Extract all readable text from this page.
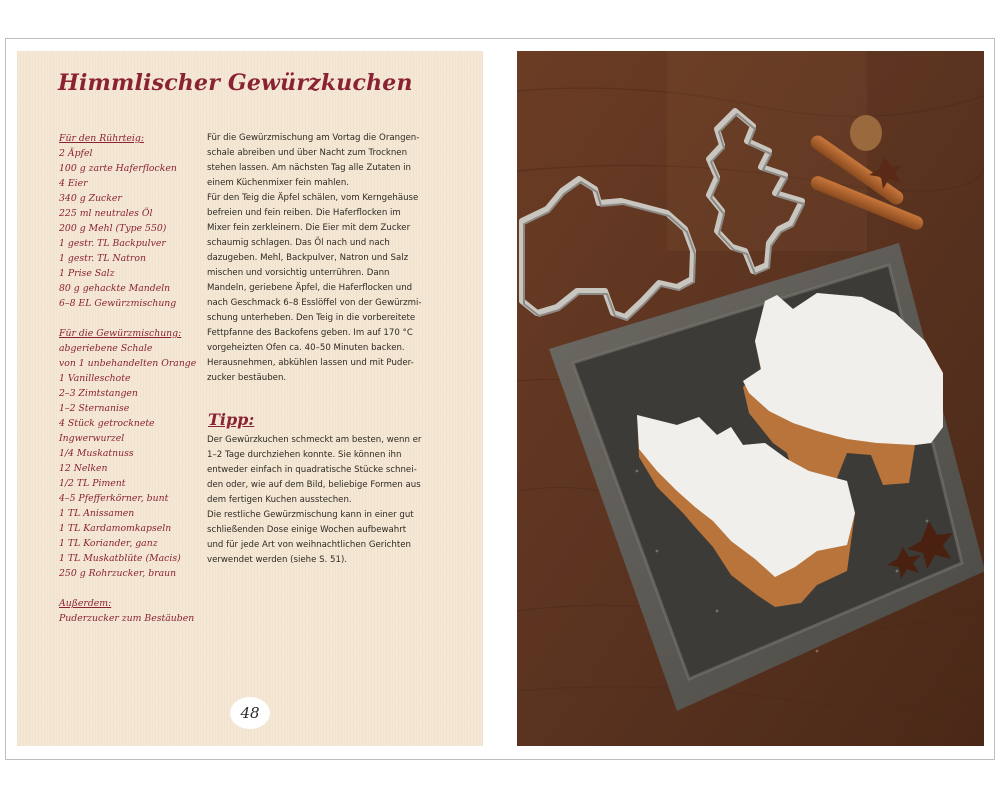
Himmlischer Gewürzkuchen
Für den Rührteig:
2 Äpfel
100 g zarte Haferflocken
4 Eier
340 g Zucker
225 ml neutrales Öl
200 g Mehl (Type 550)
1 gestr. TL Backpulver
1 gestr. TL Natron
1 Prise Salz
80 g gehackte Mandeln
6–8 EL Gewürzmischung
Für die Gewürzmischung:
abgeriebene Schale
von 1 unbehandelten Orange
1 Vanilleschote
2–3 Zimtstangen
1–2 Sternanise
4 Stück getrocknete
Ingwerwurzel
1/4 Muskatnuss
12 Nelken
1/2 TL Piment
4–5 Pfefferkörner, bunt
1 TL Anissamen
1 TL Kardamomkapseln
1 TL Koriander, ganz
1 TL Muskatblüte (Macis)
250 g Rohrzucker, braun
Außerdem:
Puderzucker zum Bestäuben
Für die Gewürzmischung am Vortag die Orangen-
schale abreiben und über Nacht zum Trocknen
stehen lassen. Am nächsten Tag alle Zutaten in
einem Küchenmixer fein mahlen.
Für den Teig die Äpfel schälen, vom Kerngehäuse
befreien und fein reiben. Die Haferflocken im
Mixer fein zerkleinern. Die Eier mit dem Zucker
schaumig schlagen. Das Öl nach und nach
dazugeben. Mehl, Backpulver, Natron und Salz
mischen und vorsichtig unterrühren. Dann
Mandeln, geriebene Äpfel, die Haferflocken und
nach Geschmack 6–8 Esslöffel von der Gewürzmi-
schung unterheben. Den Teig in die vorbereitete
Fettpfanne des Backofens geben. Im auf 170 °C
vorgeheizten Ofen ca. 40–50 Minuten backen.
Herausnehmen, abkühlen lassen und mit Puder-
zucker bestäuben.
Tipp:
Der Gewürzkuchen schmeckt am besten, wenn er
1–2 Tage durchziehen konnte. Sie können ihn
entweder einfach in quadratische Stücke schnei-
den oder, wie auf dem Bild, beliebige Formen aus
dem fertigen Kuchen ausstechen.
Die restliche Gewürzmischung kann in einer gut
schließenden Dose einige Wochen aufbewahrt
und für jede Art von weihnachtlichen Gerichten
verwendet werden (siehe S. 51).
48
